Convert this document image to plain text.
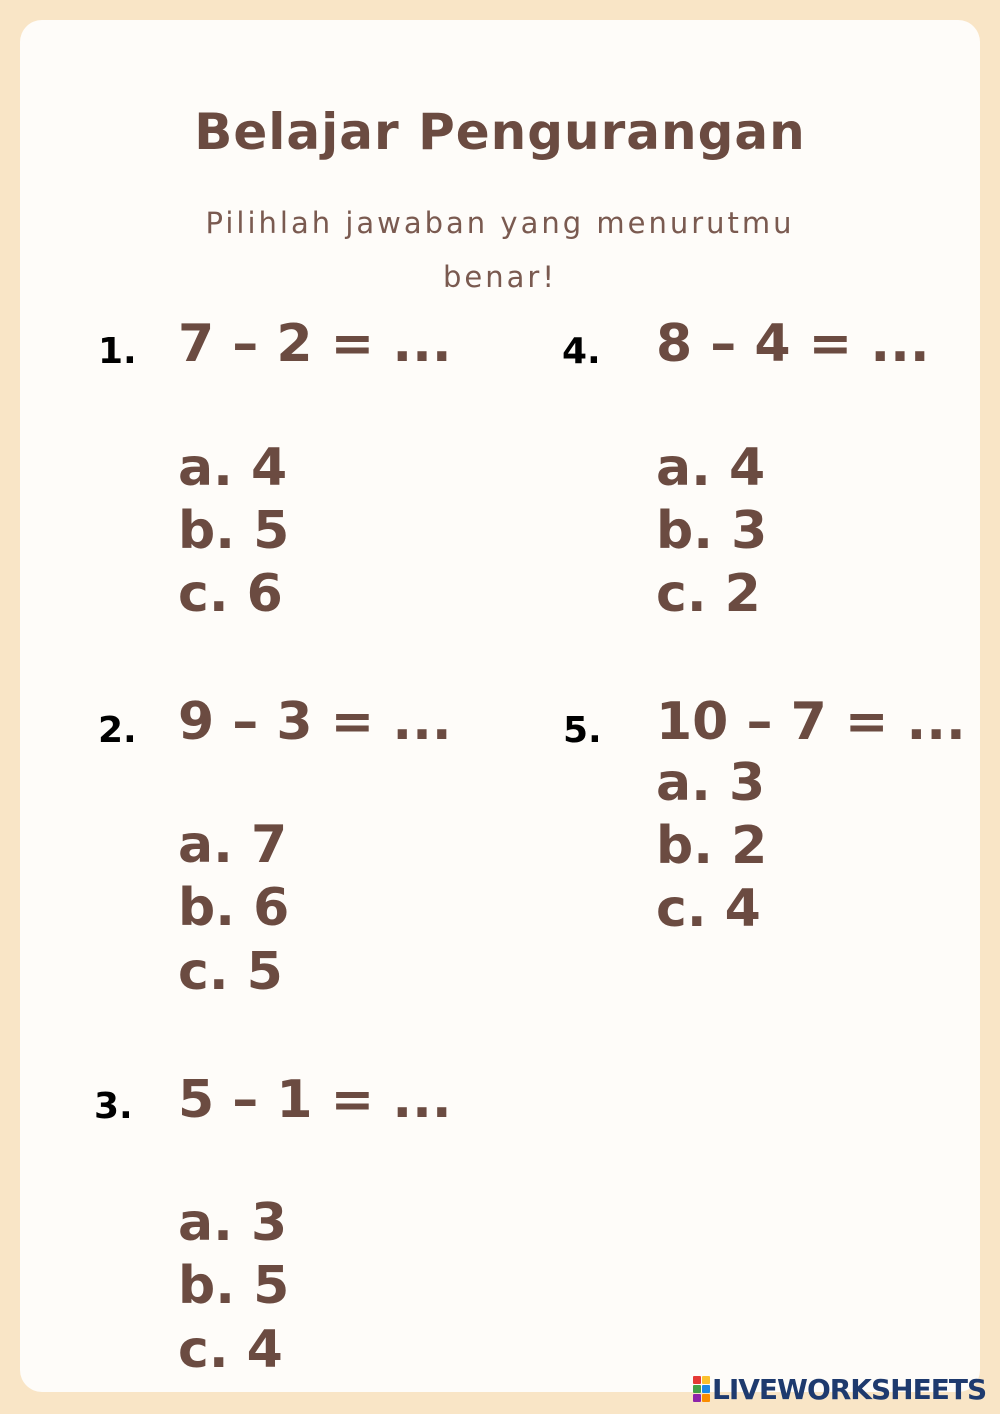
Belajar Pengurangan
Pilihlah jawaban yang menurutmu
benar!
1. 7 – 2 = ...
a. 4
b. 5
c. 6
2. 9 – 3 = ...
a. 7
b. 6
c. 5
3. 5 – 1 = ...
a. 3
b. 5
c. 4
4. 8 – 4 = ...
a. 4
b. 3
c. 2
5. 10 – 7 = ...
a. 3
b. 2
c. 4
LIVEWORKSHEETS
